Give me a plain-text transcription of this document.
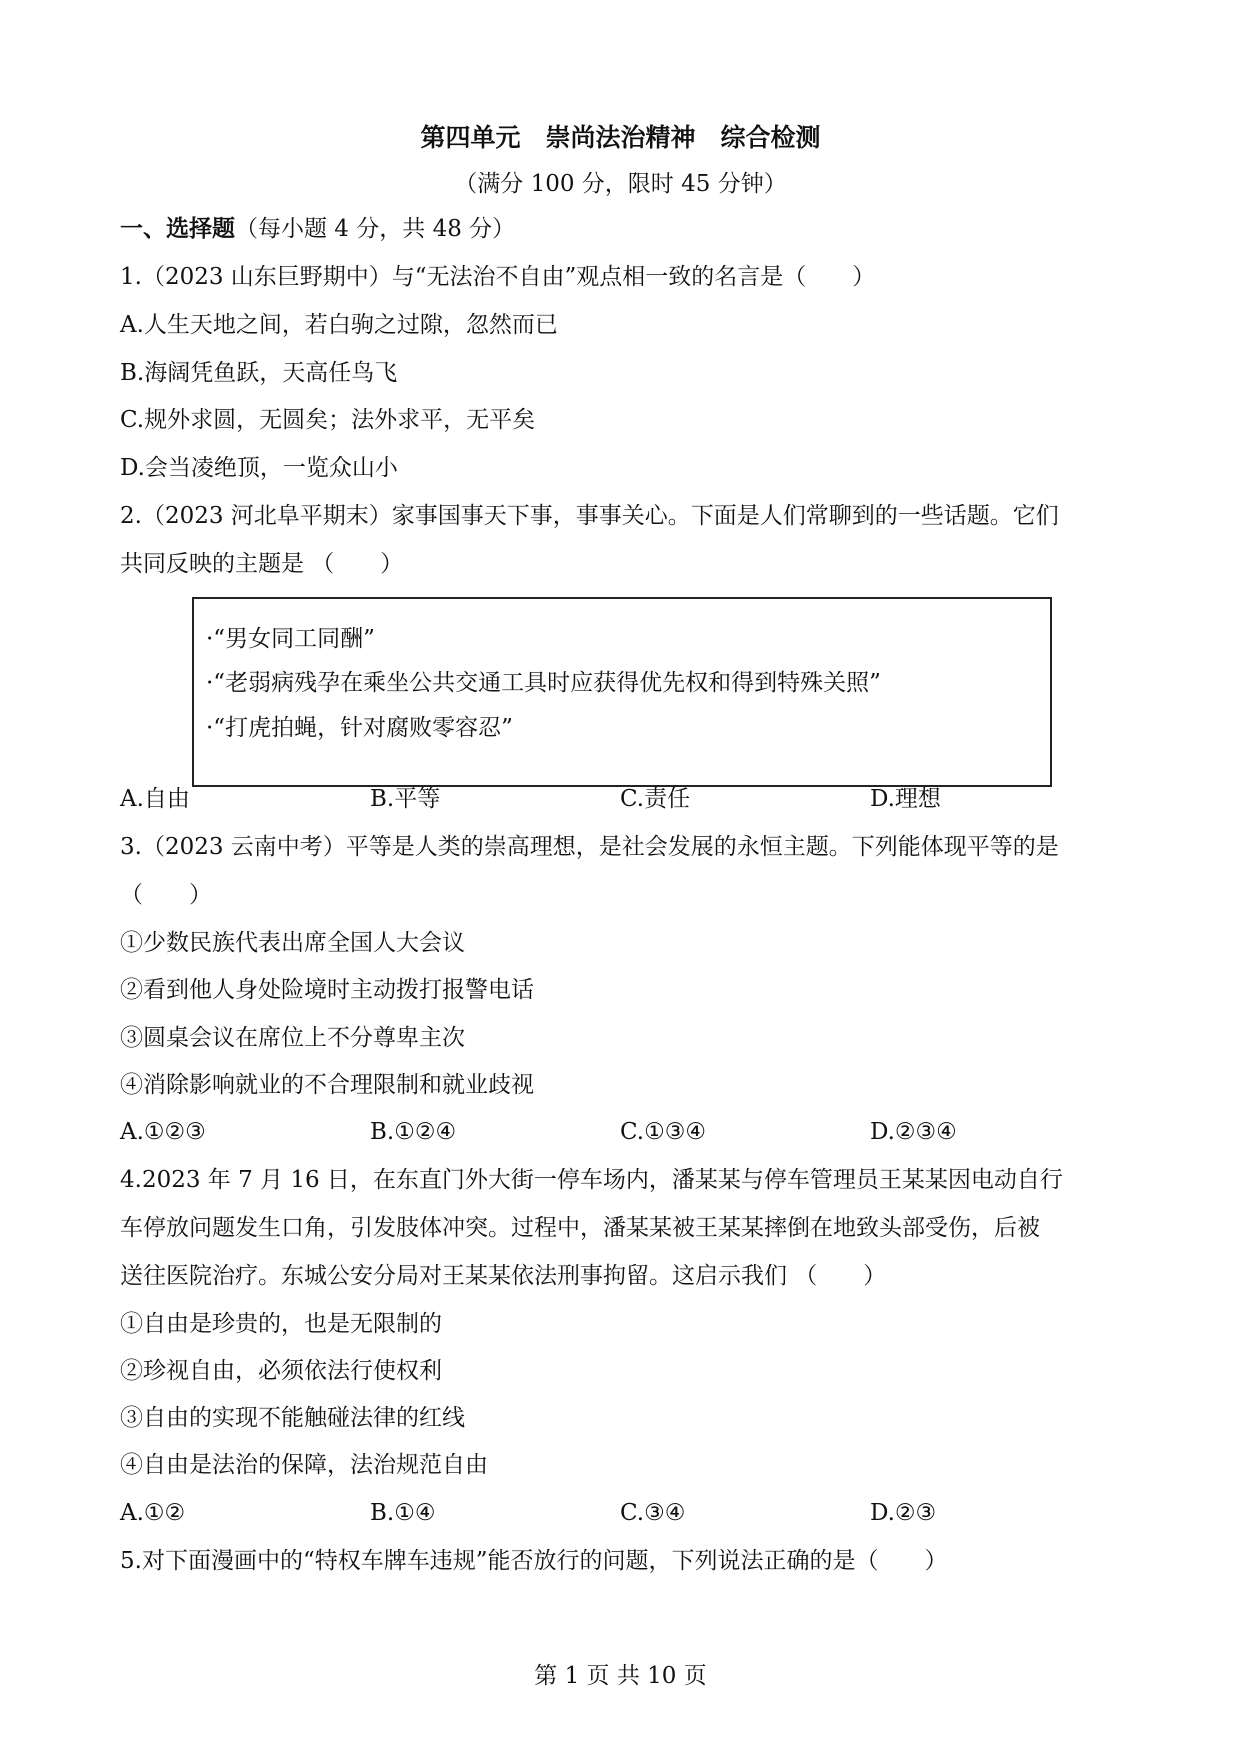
第四单元　崇尚法治精神　综合检测
（满分 100 分，限时 45 分钟）
一、选择题（每小题 4 分，共 48 分）
1.（2023 山东巨野期中）与“无法治不自由”观点相一致的名言是（　　）
A.人生天地之间，若白驹之过隙，忽然而已
B.海阔凭鱼跃，天高任鸟飞
C.规外求圆，无圆矣；法外求平，无平矣
D.会当凌绝顶，一览众山小
2.（2023 河北阜平期末）家事国事天下事，事事关心。下面是人们常聊到的一些话题。它们
共同反映的主题是 （　　）
·“男女同工同酬”
·“老弱病残孕在乘坐公共交通工具时应获得优先权和得到特殊关照”
·“打虎拍蝇，针对腐败零容忍”
A.自由	B.平等	C.责任	D.理想
3.（2023 云南中考）平等是人类的崇高理想，是社会发展的永恒主题。下列能体现平等的是
（　　）
①少数民族代表出席全国人大会议
②看到他人身处险境时主动拨打报警电话
③圆桌会议在席位上不分尊卑主次
④消除影响就业的不合理限制和就业歧视
A.①②③	B.①②④	C.①③④	D.②③④
4.2023 年 7 月 16 日，在东直门外大街一停车场内，潘某某与停车管理员王某某因电动自行
车停放问题发生口角，引发肢体冲突。过程中，潘某某被王某某摔倒在地致头部受伤，后被
送往医院治疗。东城公安分局对王某某依法刑事拘留。这启示我们 （　　）
①自由是珍贵的，也是无限制的
②珍视自由，必须依法行使权利
③自由的实现不能触碰法律的红线
④自由是法治的保障，法治规范自由
A.①②	B.①④	C.③④	D.②③
5.对下面漫画中的“特权车牌车违规”能否放行的问题，下列说法正确的是（　　）
第 1 页 共 10 页
